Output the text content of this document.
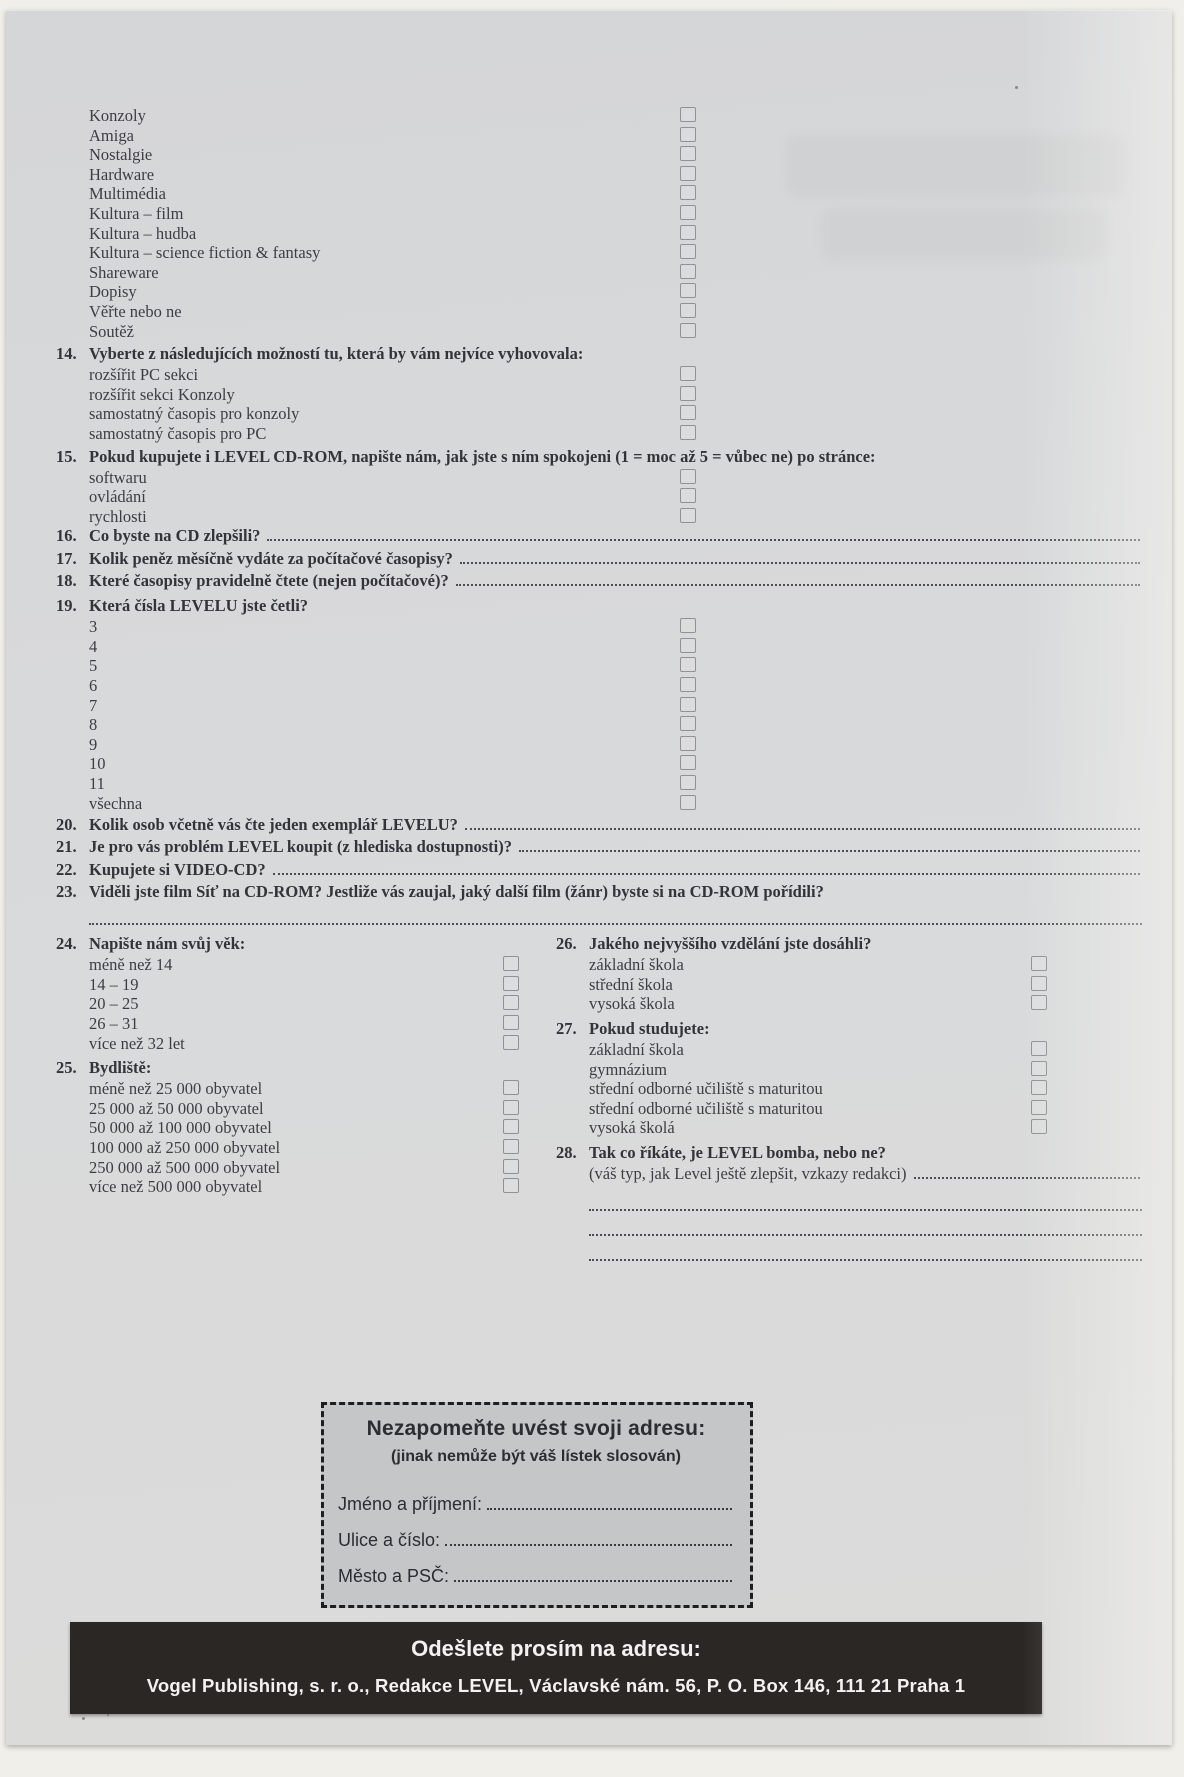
Konzoly
Amiga
Nostalgie
Hardware
Multimédia
Kultura – film
Kultura – hudba
Kultura – science fiction & fantasy
Shareware
Dopisy
Věřte nebo ne
Soutěž
14. Vyberte z následujících možností tu, která by vám nejvíce vyhovovala:
rozšířit PC sekci
rozšířit sekci Konzoly
samostatný časopis pro konzoly
samostatný časopis pro PC
15. Pokud kupujete i LEVEL CD-ROM, napište nám, jak jste s ním spokojeni (1 = moc až 5 = vůbec ne) po stránce:
softwaru
ovládání
rychlosti
16. Co byste na CD zlepšili?
17. Kolik peněz měsíčně vydáte za počítačové časopisy?
18. Které časopisy pravidelně čtete (nejen počítačové)?
19. Která čísla LEVELU jste četli?
3
4
5
6
7
8
9
10
11
všechna
20. Kolik osob včetně vás čte jeden exemplář LEVELU?
21. Je pro vás problém LEVEL koupit (z hlediska dostupnosti)?
22. Kupujete si VIDEO-CD?
23. Viděli jste film Síť na CD-ROM? Jestliže vás zaujal, jaký další film (žánr) byste si na CD-ROM pořídili?
24. Napište nám svůj věk:
méně než 14
14 – 19
20 – 25
26 – 31
více než 32 let
25. Bydliště:
méně než 25 000 obyvatel
25 000 až 50 000 obyvatel
50 000 až 100 000 obyvatel
100 000 až 250 000 obyvatel
250 000 až 500 000 obyvatel
více než 500 000 obyvatel
26. Jakého nejvyššího vzdělání jste dosáhli?
základní škola
střední škola
vysoká škola
27. Pokud studujete:
základní škola
gymnázium
střední odborné učiliště s maturitou
střední odborné učiliště s maturitou
vysoká školá
28. Tak co říkáte, je LEVEL bomba, nebo ne?
(váš typ, jak Level ještě zlepšit, vzkazy redakci)
Nezapomeňte uvést svoji adresu:
(jinak nemůže být váš lístek slosován)
Jméno a příjmení:
Ulice a číslo:
Město a PSČ:
Odešlete prosím na adresu:
Vogel Publishing, s. r. o., Redakce LEVEL, Václavské nám. 56, P. O. Box 146, 111 21 Praha 1
